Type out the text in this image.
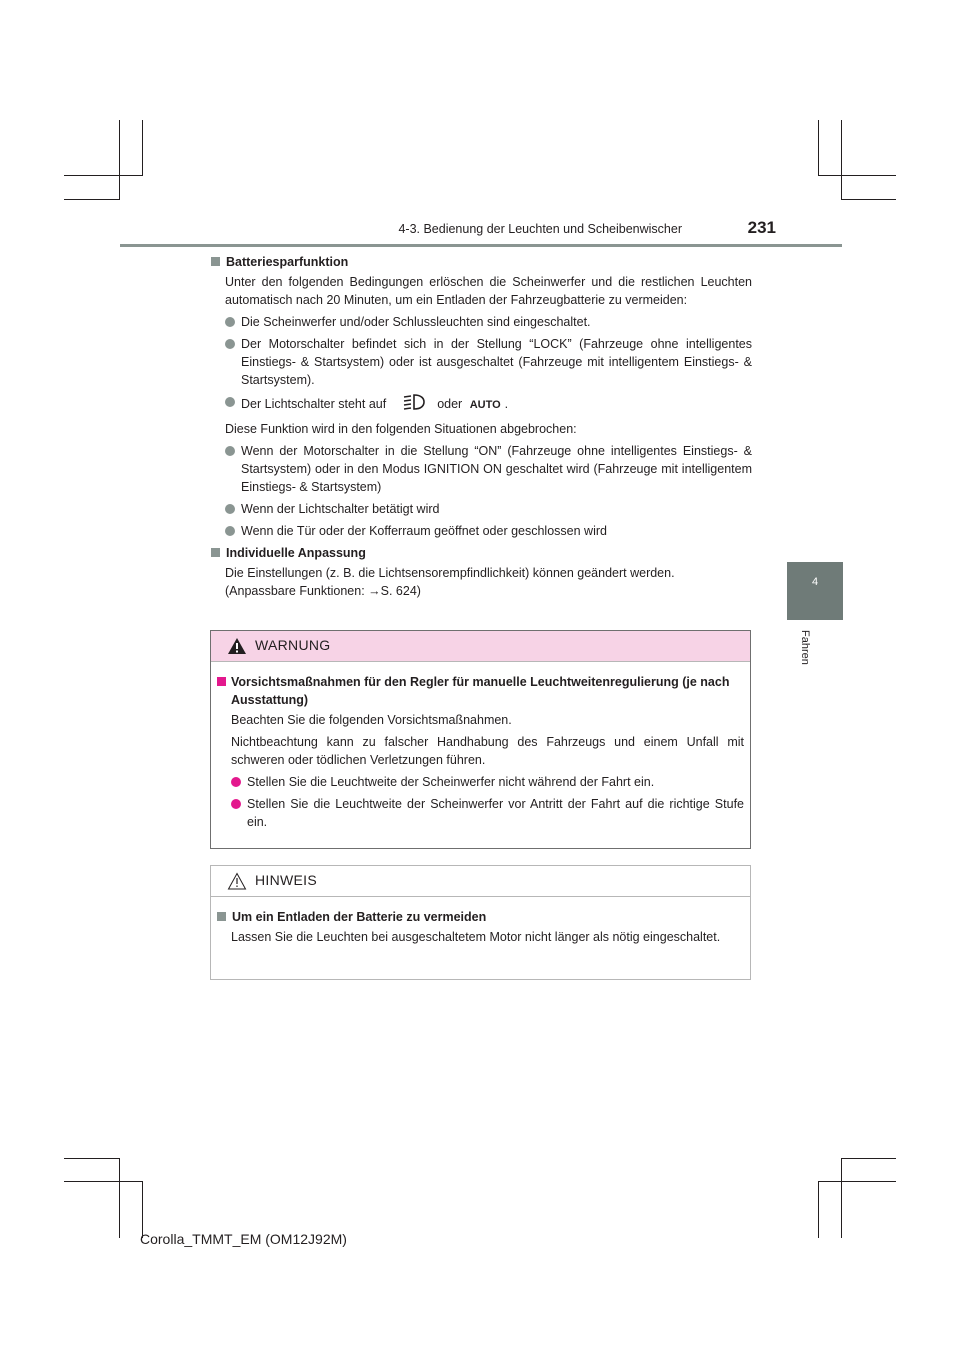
4-3. Bedienung der Leuchten und Scheibenwischer	231
4
Fahren
Batteriesparfunktion
Unter den folgenden Bedingungen erlöschen die Scheinwerfer und die restlichen Leuchten automatisch nach 20 Minuten, um ein Entladen der Fahrzeugbatterie zu vermeiden:
Die Scheinwerfer und/oder Schlussleuchten sind eingeschaltet.
Der Motorschalter befindet sich in der Stellung “LOCK” (Fahrzeuge ohne intelligentes Einstiegs- & Startsystem) oder ist ausgeschaltet (Fahrzeuge mit intelligentem Einstiegs- & Startsystem).
Der Lichtschalter steht auf	oder AUTO .
Diese Funktion wird in den folgenden Situationen abgebrochen:
Wenn der Motorschalter in die Stellung “ON” (Fahrzeuge ohne intelligentes Einstiegs- & Startsystem) oder in den Modus IGNITION ON geschaltet wird (Fahrzeuge mit intelligentem Einstiegs- & Startsystem)
Wenn der Lichtschalter betätigt wird
Wenn die Tür oder der Kofferraum geöffnet oder geschlossen wird
Individuelle Anpassung
Die Einstellungen (z. B. die Lichtsensorempfindlichkeit) können geändert werden.
(Anpassbare Funktionen: →S. 624)
WARNUNG
Vorsichtsmaßnahmen für den Regler für manuelle Leuchtweitenregulierung (je nach Ausstattung)
Beachten Sie die folgenden Vorsichtsmaßnahmen.
Nichtbeachtung kann zu falscher Handhabung des Fahrzeugs und einem Unfall mit schweren oder tödlichen Verletzungen führen.
Stellen Sie die Leuchtweite der Scheinwerfer nicht während der Fahrt ein.
Stellen Sie die Leuchtweite der Scheinwerfer vor Antritt der Fahrt auf die richtige Stufe ein.
HINWEIS
Um ein Entladen der Batterie zu vermeiden
Lassen Sie die Leuchten bei ausgeschaltetem Motor nicht länger als nötig eingeschaltet.
Corolla_TMMT_EM (OM12J92M)
